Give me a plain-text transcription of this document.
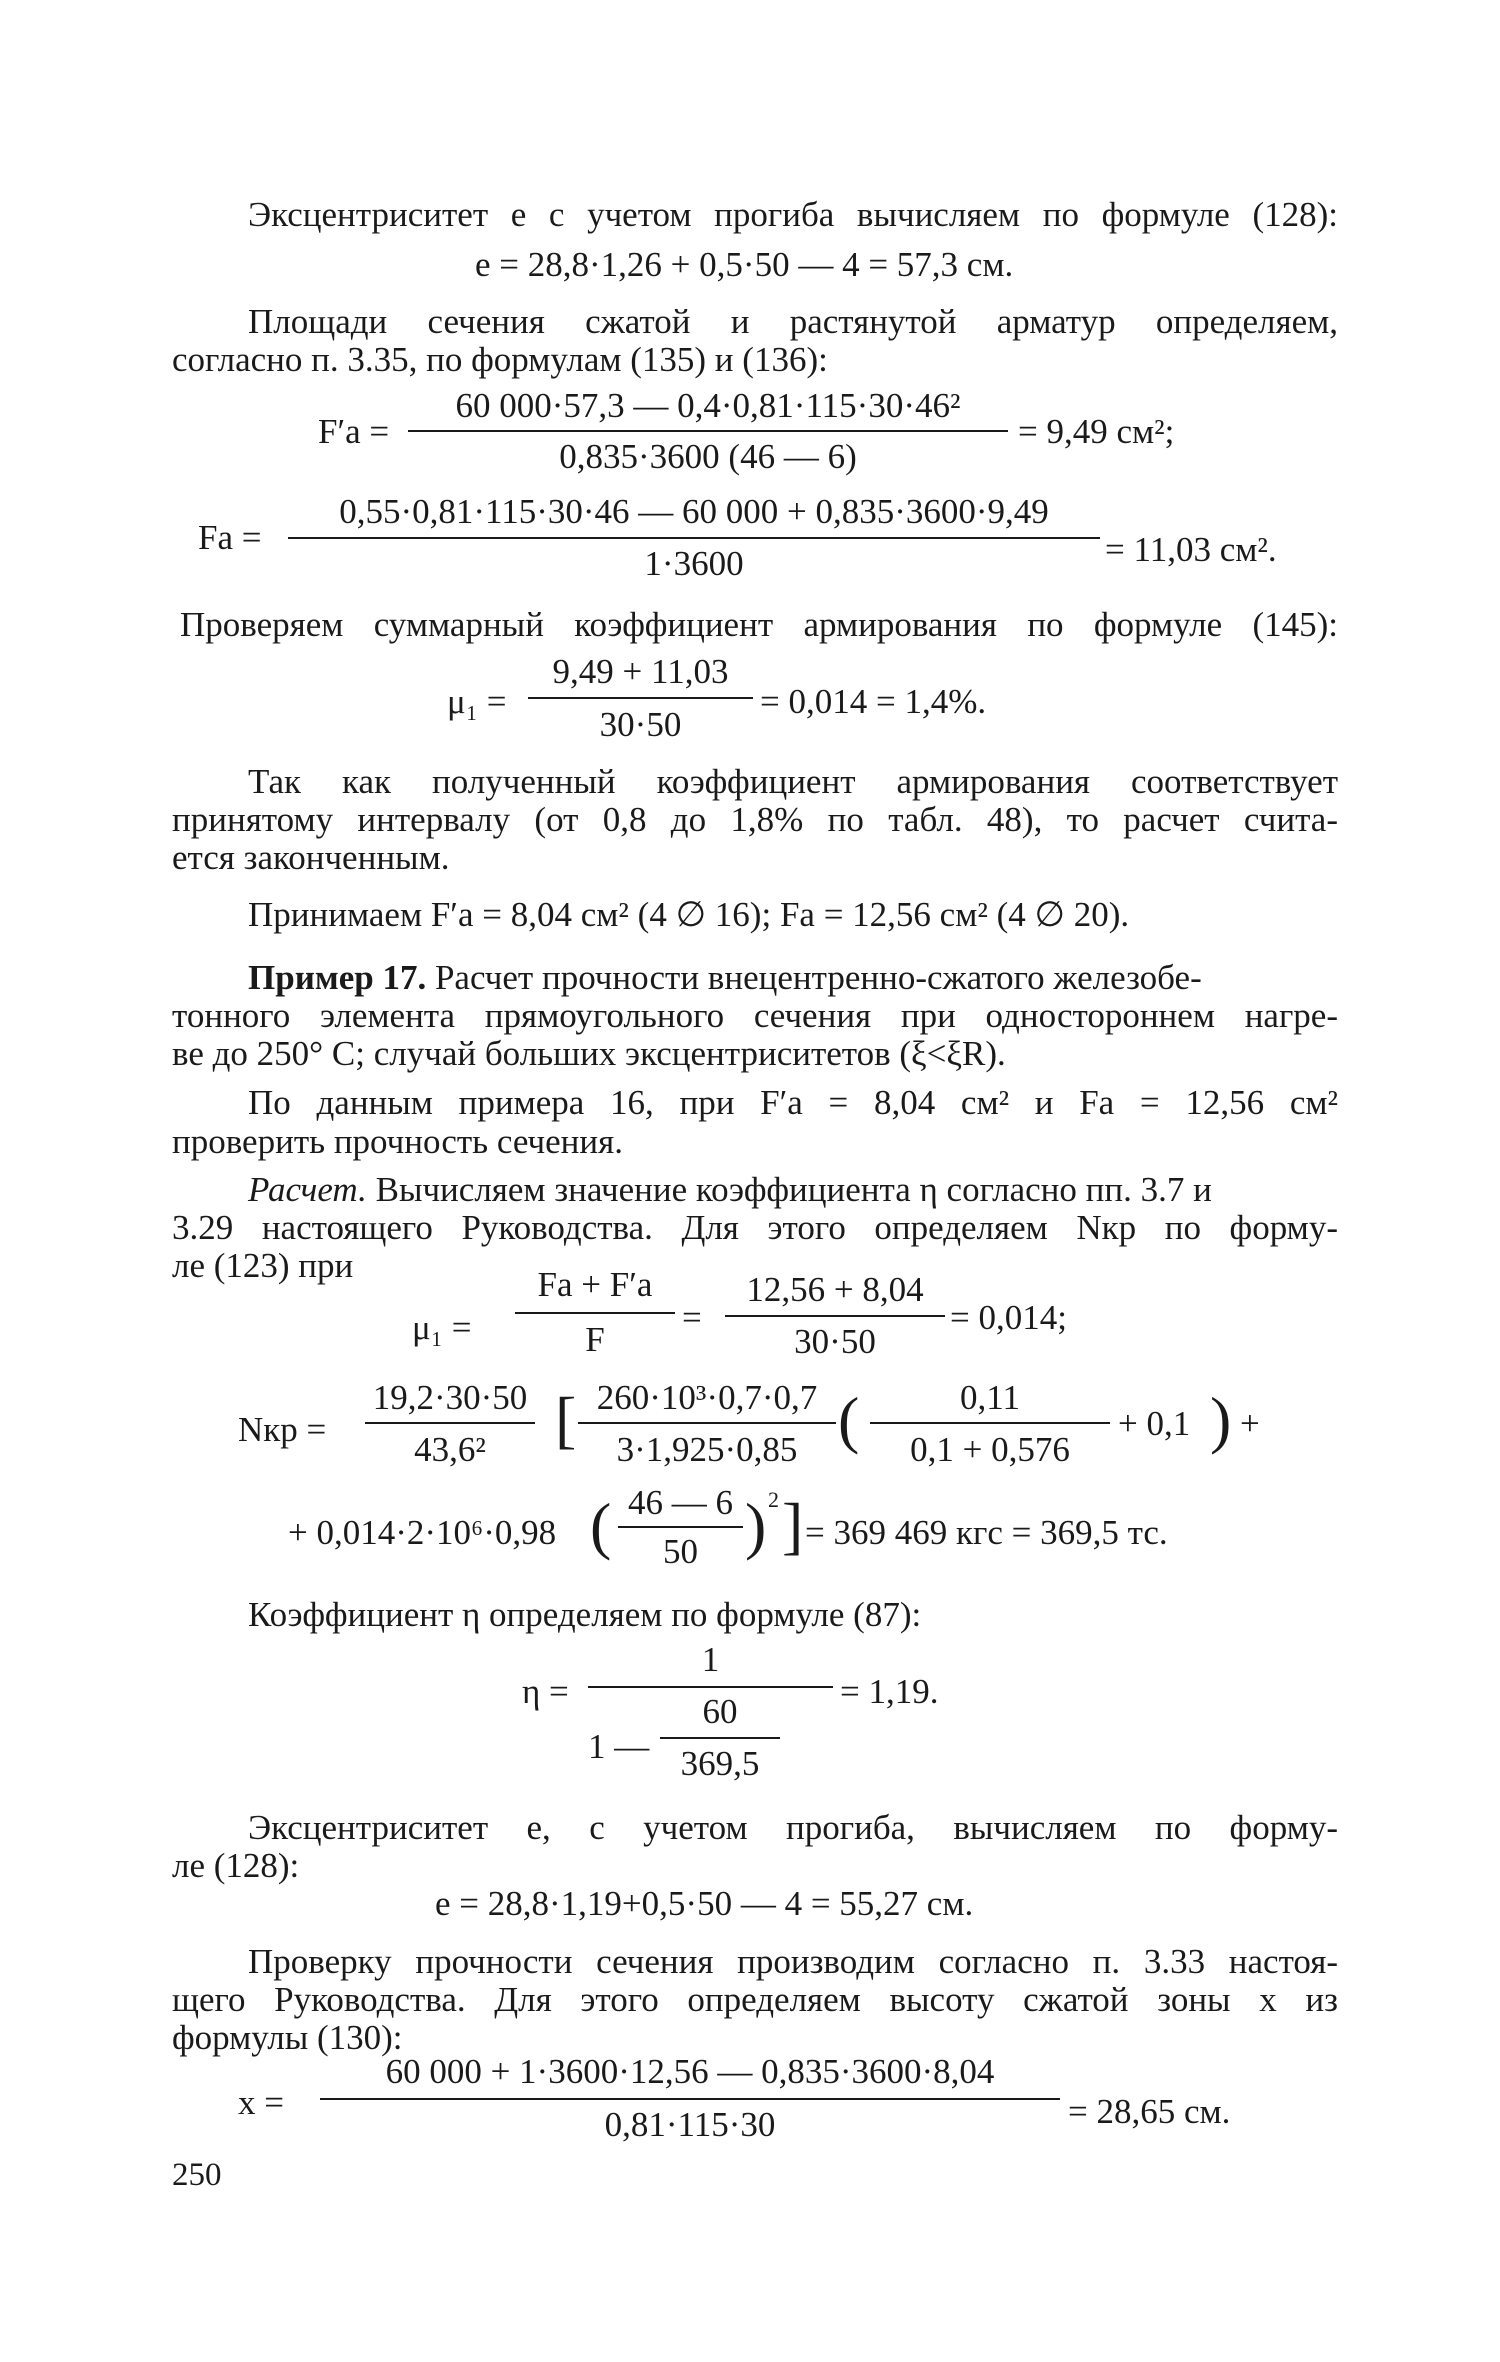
Эксцентриситет e с учетом прогиба вычисляем по формуле (128):
e = 28,8·1,26 + 0,5·50 — 4 = 57,3 см.
Площади сечения сжатой и растянутой арматур определяем,
согласно п. 3.35, по формулам (135) и (136):
F′a =
60 000·57,3 — 0,4·0,81·115·30·46²
0,835·3600 (46 — 6)
= 9,49 см²;
Fa =
0,55·0,81·115·30·46 — 60 000 + 0,835·3600·9,49
1·3600	= 11,03 см².
Проверяем суммарный коэффициент армирования по формуле (145):
μ₁ =
9,49 + 11,03
30·50
= 0,014 = 1,4%.
Так как полученный коэффициент армирования соответствует
принятому интервалу (от 0,8 до 1,8% по табл. 48), то расчет счита-
ется законченным.
Принимаем F′a = 8,04 см² (4 ∅ 16); Fa = 12,56 см² (4 ∅ 20).
Пример 17. Расчет прочности внецентренно-сжатого железобе-
тонного элемента прямоугольного сечения при одностороннем нагре-
ве до 250° С; случай больших эксцентриситетов (ξ<ξR).
По данным примера 16, при F′a = 8,04 см² и Fa = 12,56 см²
проверить прочность сечения.
Расчет. Вычисляем значение коэффициента η согласно пп. 3.7 и
3.29 настоящего Руководства. Для этого определяем Nкр по форму-
ле (123) при
μ₁ =
Fa + F′a
F
=
12,56 + 8,04
30·50
= 0,014;
Nкр =
19,2·30·50
43,6²	[ 260·10³·0,7·0,7
3·1,925·0,85 (	0,11
0,1 + 0,576
+ 0,1 ) +
+ 0,014·2·10⁶·0,98 ( 46 — 6
50 ) 2 ] = 369 469 кгс = 369,5 тс.
Коэффициент η определяем по формуле (87):
η =
1
1 —
60
369,5
= 1,19.
Эксцентриситет e, с учетом прогиба, вычисляем по форму-
ле (128):
e = 28,8·1,19+0,5·50 — 4 = 55,27 см.
Проверку прочности сечения производим согласно п. 3.33 настоя-
щего Руководства. Для этого определяем высоту сжатой зоны x из
формулы (130):
x =
60 000 + 1·3600·12,56 — 0,835·3600·8,04
0,81·115·30	= 28,65 см.
250
